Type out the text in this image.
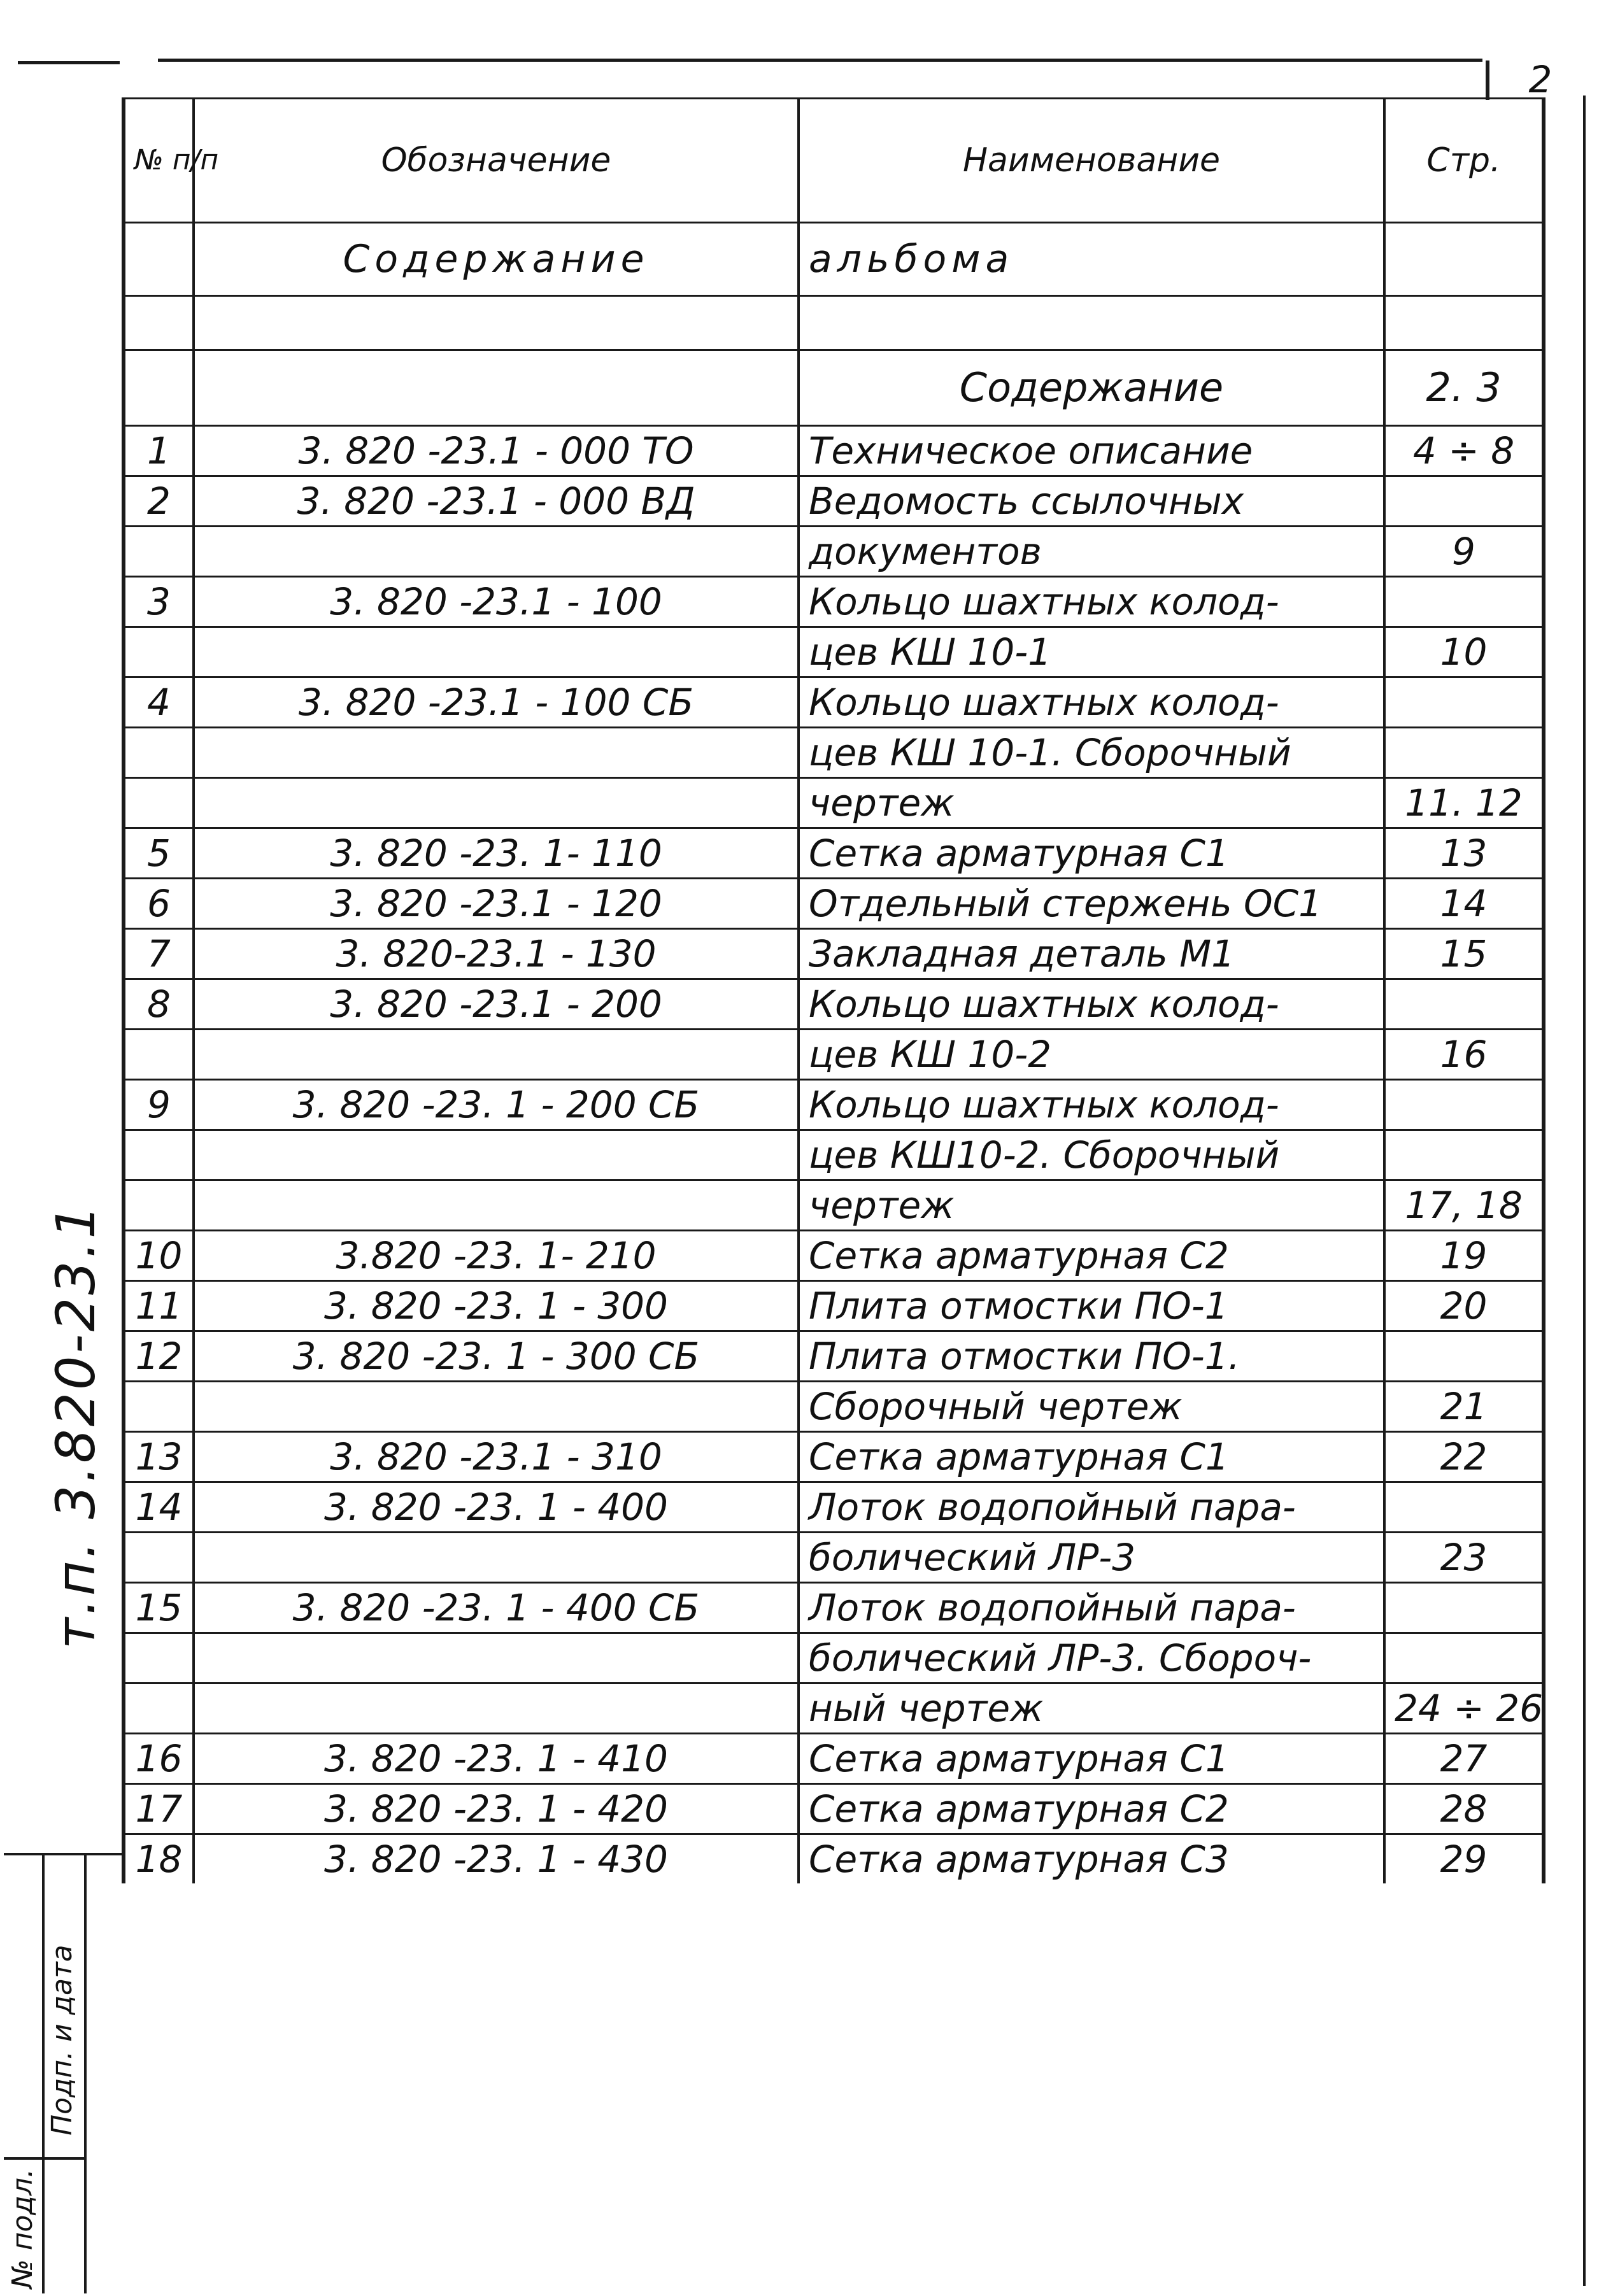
2
№ п/п	Обозначение	Наименование	Стр.
	Содержание	альбома	

		Содержание	2. 3
1	3. 820 -23.1 - 000 ТО	Техническое описание	4 ÷ 8
2	3. 820 -23.1 - 000 ВД	Ведомость ссылочных	
		документов	9
3	3. 820 -23.1 - 100	Кольцо шахтных колод-	
		цев КШ 10-1	10
4	3. 820 -23.1 - 100 СБ	Кольцо шахтных колод-	
		цев КШ 10-1. Сборочный	
		чертеж	11. 12
5	3. 820 -23. 1- 110	Сетка арматурная С1	13
6	3. 820 -23.1 - 120	Отдельный стержень ОС1	14
7	3. 820-23.1 - 130	Закладная деталь М1	15
8	3. 820 -23.1 - 200	Кольцо шахтных колод-	
		цев КШ 10-2	16
9	3. 820 -23. 1 - 200 СБ	Кольцо шахтных колод-	
		цев КШ10-2. Сборочный	
		чертеж	17, 18
10	3.820 -23. 1- 210	Сетка арматурная С2	19
11	3. 820 -23. 1 - 300	Плита отмостки ПО-1	20
12	3. 820 -23. 1 - 300 СБ	Плита отмостки ПО-1.	
		Сборочный чертеж	21
13	3. 820 -23.1 - 310	Сетка арматурная С1	22
14	3. 820 -23. 1 - 400	Лоток водопойный пара-	
		болический ЛР-3	23
15	3. 820 -23. 1 - 400 СБ	Лоток водопойный пара-	
		болический ЛР-3. Сбороч-	
		ный чертеж	24 ÷ 26
16	3. 820 -23. 1 - 410	Сетка арматурная С1	27
17	3. 820 -23. 1 - 420	Сетка арматурная С2	28
18	3. 820 -23. 1 - 430	Сетка арматурная С3	29
т.п. 3.820-23.1
Подп. и дата
№ подл.
